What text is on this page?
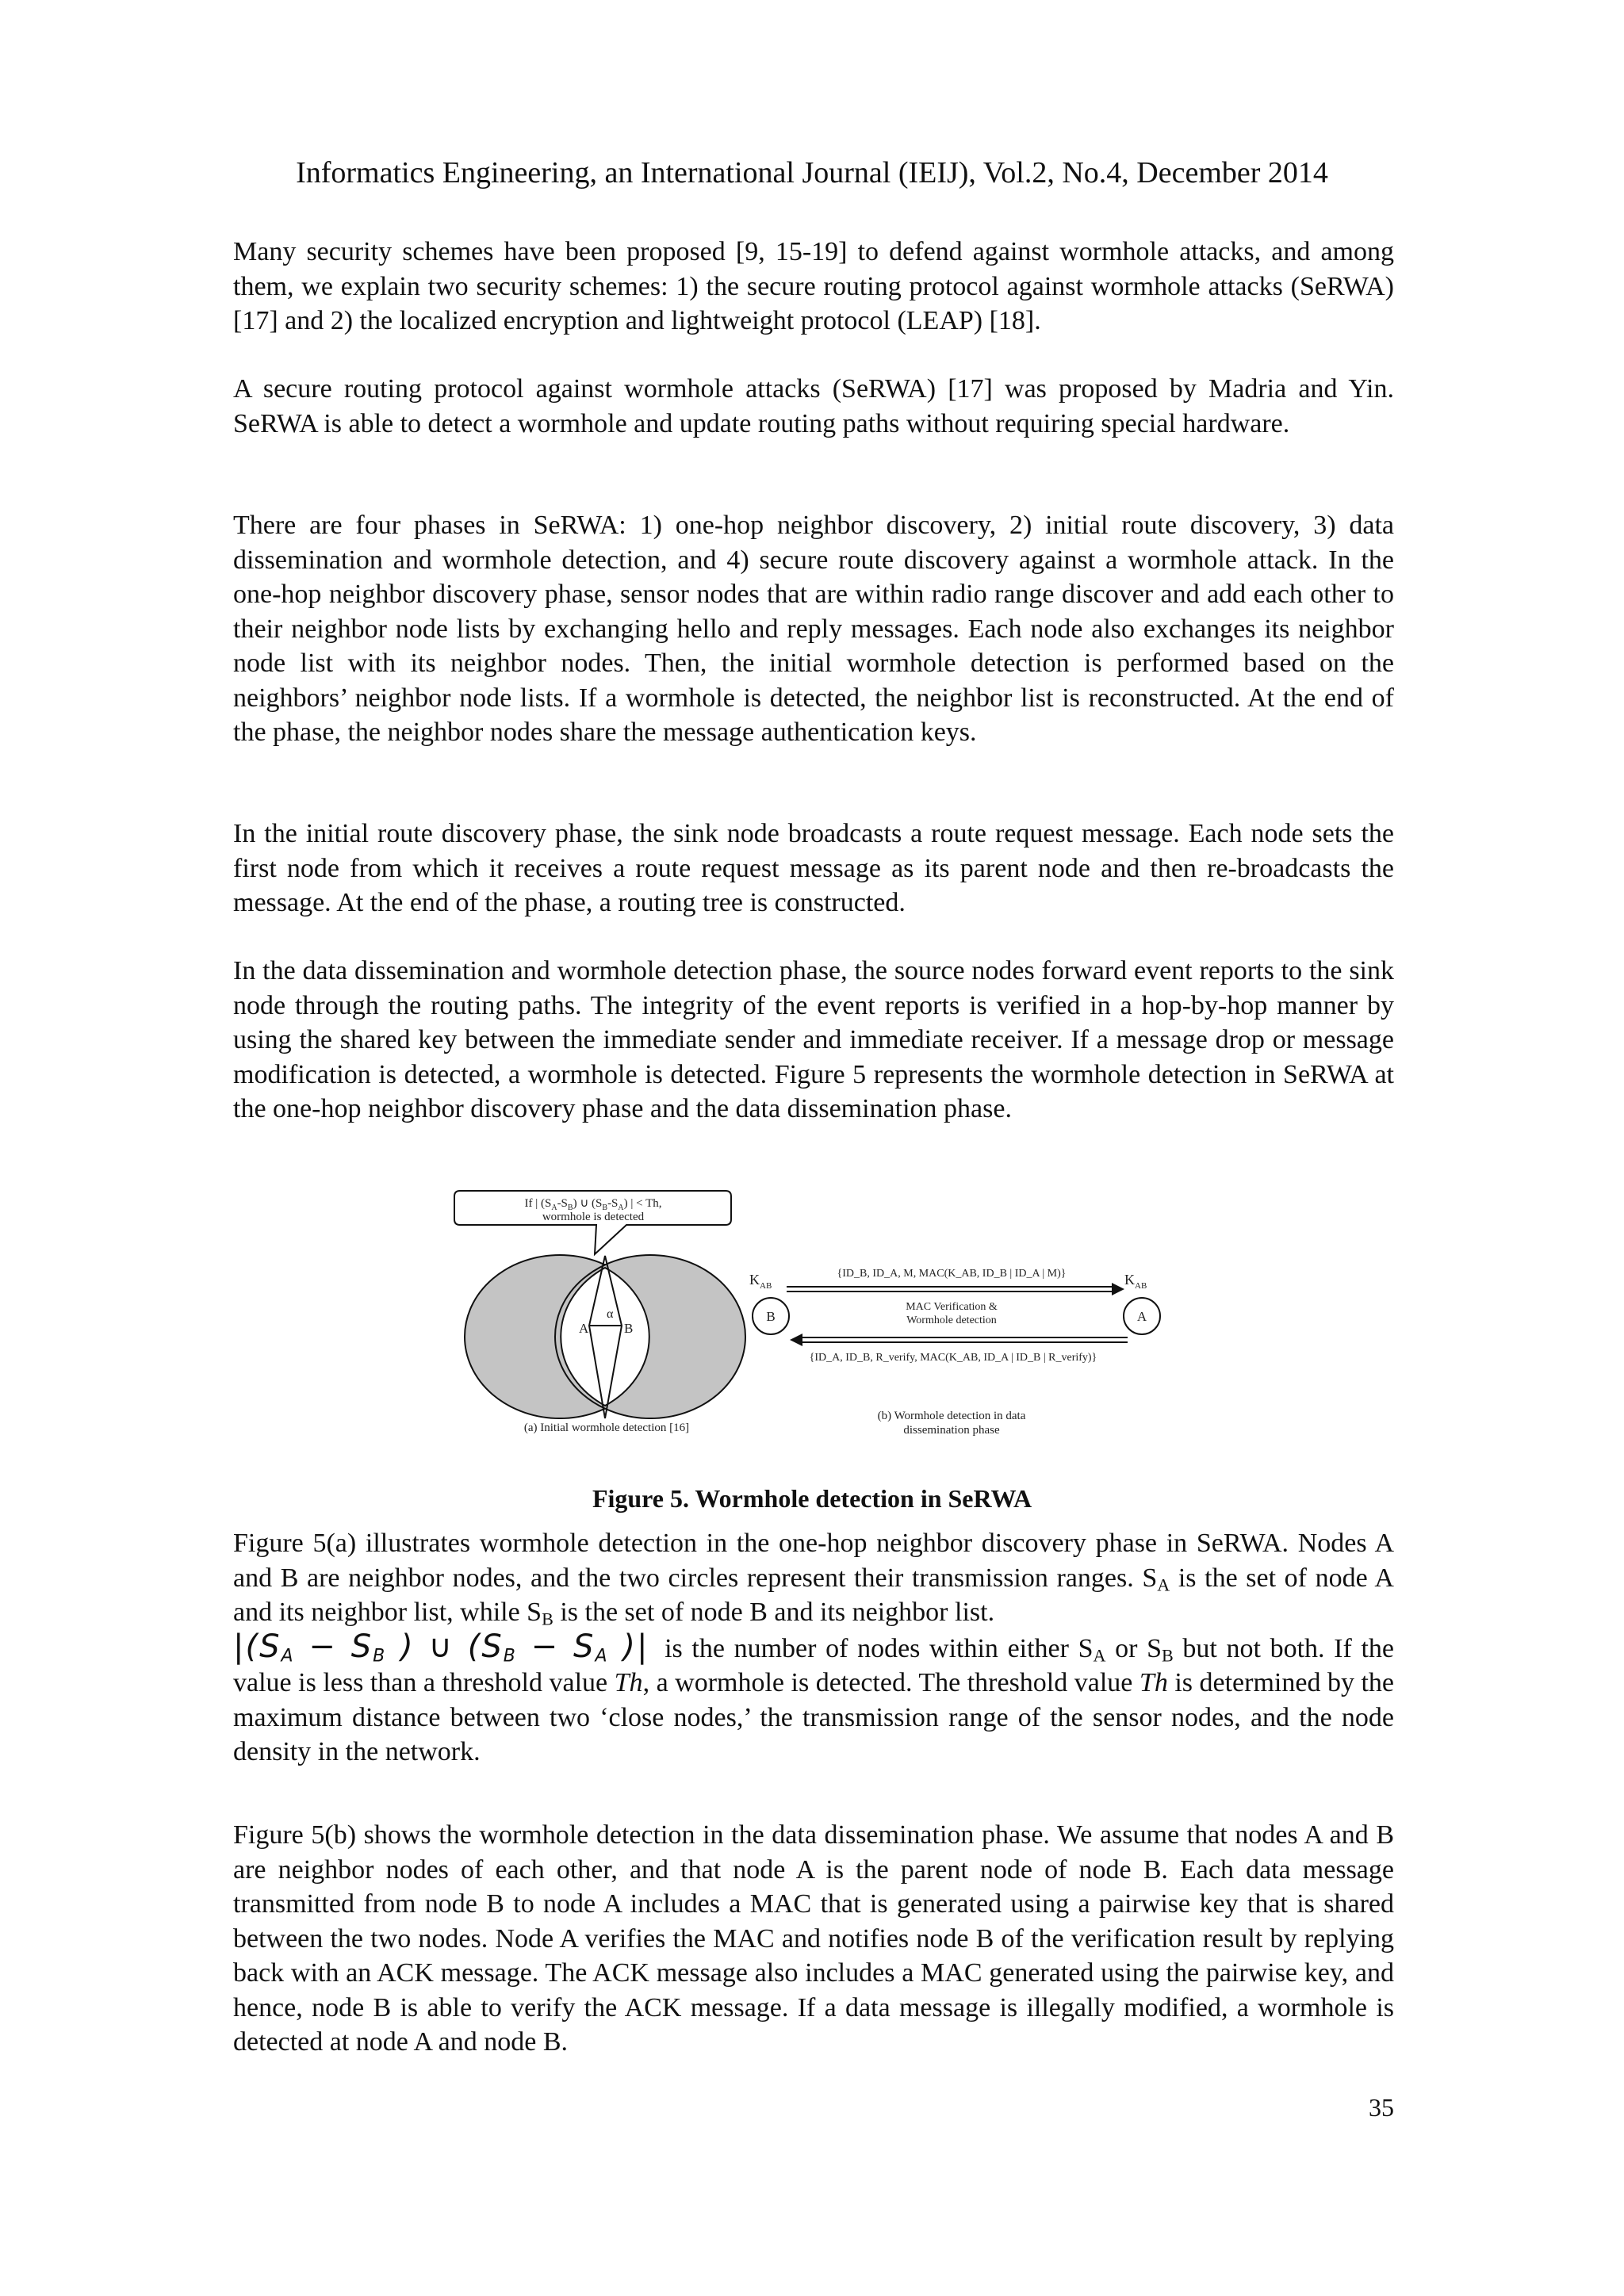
Informatics Engineering, an International Journal (IEIJ), Vol.2, No.4, December 2014

Many security schemes have been proposed [9, 15-19] to defend against wormhole attacks, and among them, we explain two security schemes: 1) the secure routing protocol against wormhole attacks (SeRWA) [17] and 2) the localized encryption and lightweight protocol (LEAP) [18].

A secure routing protocol against wormhole attacks (SeRWA) [17] was proposed by Madria and Yin. SeRWA is able to detect a wormhole and update routing paths without requiring special hardware.

There are four phases in SeRWA: 1) one-hop neighbor discovery, 2) initial route discovery, 3) data dissemination and wormhole detection, and 4) secure route discovery against a wormhole attack. In the one-hop neighbor discovery phase, sensor nodes that are within radio range discover and add each other to their neighbor node lists by exchanging hello and reply messages. Each node also exchanges its neighbor node list with its neighbor nodes. Then, the initial wormhole detection is performed based on the neighbors’ neighbor node lists. If a wormhole is detected, the neighbor list is reconstructed. At the end of the phase, the neighbor nodes share the message authentication keys.

In the initial route discovery phase, the sink node broadcasts a route request message. Each node sets the first node from which it receives a route request message as its parent node and then re-broadcasts the message. At the end of the phase, a routing tree is constructed.

In the data dissemination and wormhole detection phase, the source nodes forward event reports to the sink node through the routing paths. The integrity of the event reports is verified in a hop-by-hop manner by using the shared key between the immediate sender and immediate receiver. If a message drop or message modification is detected, a wormhole is detected. Figure 5 represents the wormhole detection in SeRWA at the one-hop neighbor discovery phase and the data dissemination phase.

A	B
α
If | $(S_A-S_B)$ ∪ $(S_B-S_A)$ | < Th,
wormhole is detected
(a) Initial wormhole detection [16]
$K_{AB}$	$K_{AB}$
{ID_B, ID_A, M, MAC(K_AB, ID_B | ID_A | M)}
B	A
MAC Verification &
Wormhole detection
{ID_A, ID_B, R_verify, MAC(K_AB, ID_A | ID_B | R_verify)}
(b) Wormhole detection in data
dissemination phase
Figure 5. Wormhole detection in SeRWA

Figure 5(a) illustrates wormhole detection in the one-hop neighbor discovery phase in SeRWA. Nodes A and B are neighbor nodes, and the two circles represent their transmission ranges. $S_A$ is the set of node A and its neighbor list, while $S_B$ is the set of node B and its neighbor list.
$|(S_A - S_B$ ) ∪ ($S_B - S_A$ )| is the number of nodes within either $S_A$ or $S_B$ but not both. If the value is less than a threshold value Th, a wormhole is detected. The threshold value Th is determined by the maximum distance between two ‘close nodes,’ the transmission range of the sensor nodes, and the node density in the network.

Figure 5(b) shows the wormhole detection in the data dissemination phase. We assume that nodes A and B are neighbor nodes of each other, and that node A is the parent node of node B. Each data message transmitted from node B to node A includes a MAC that is generated using a pairwise key that is shared between the two nodes. Node A verifies the MAC and notifies node B of the verification result by replying back with an ACK message. The ACK message also includes a MAC generated using the pairwise key, and hence, node B is able to verify the ACK message. If a data message is illegally modified, a wormhole is detected at node A and node B.

35
